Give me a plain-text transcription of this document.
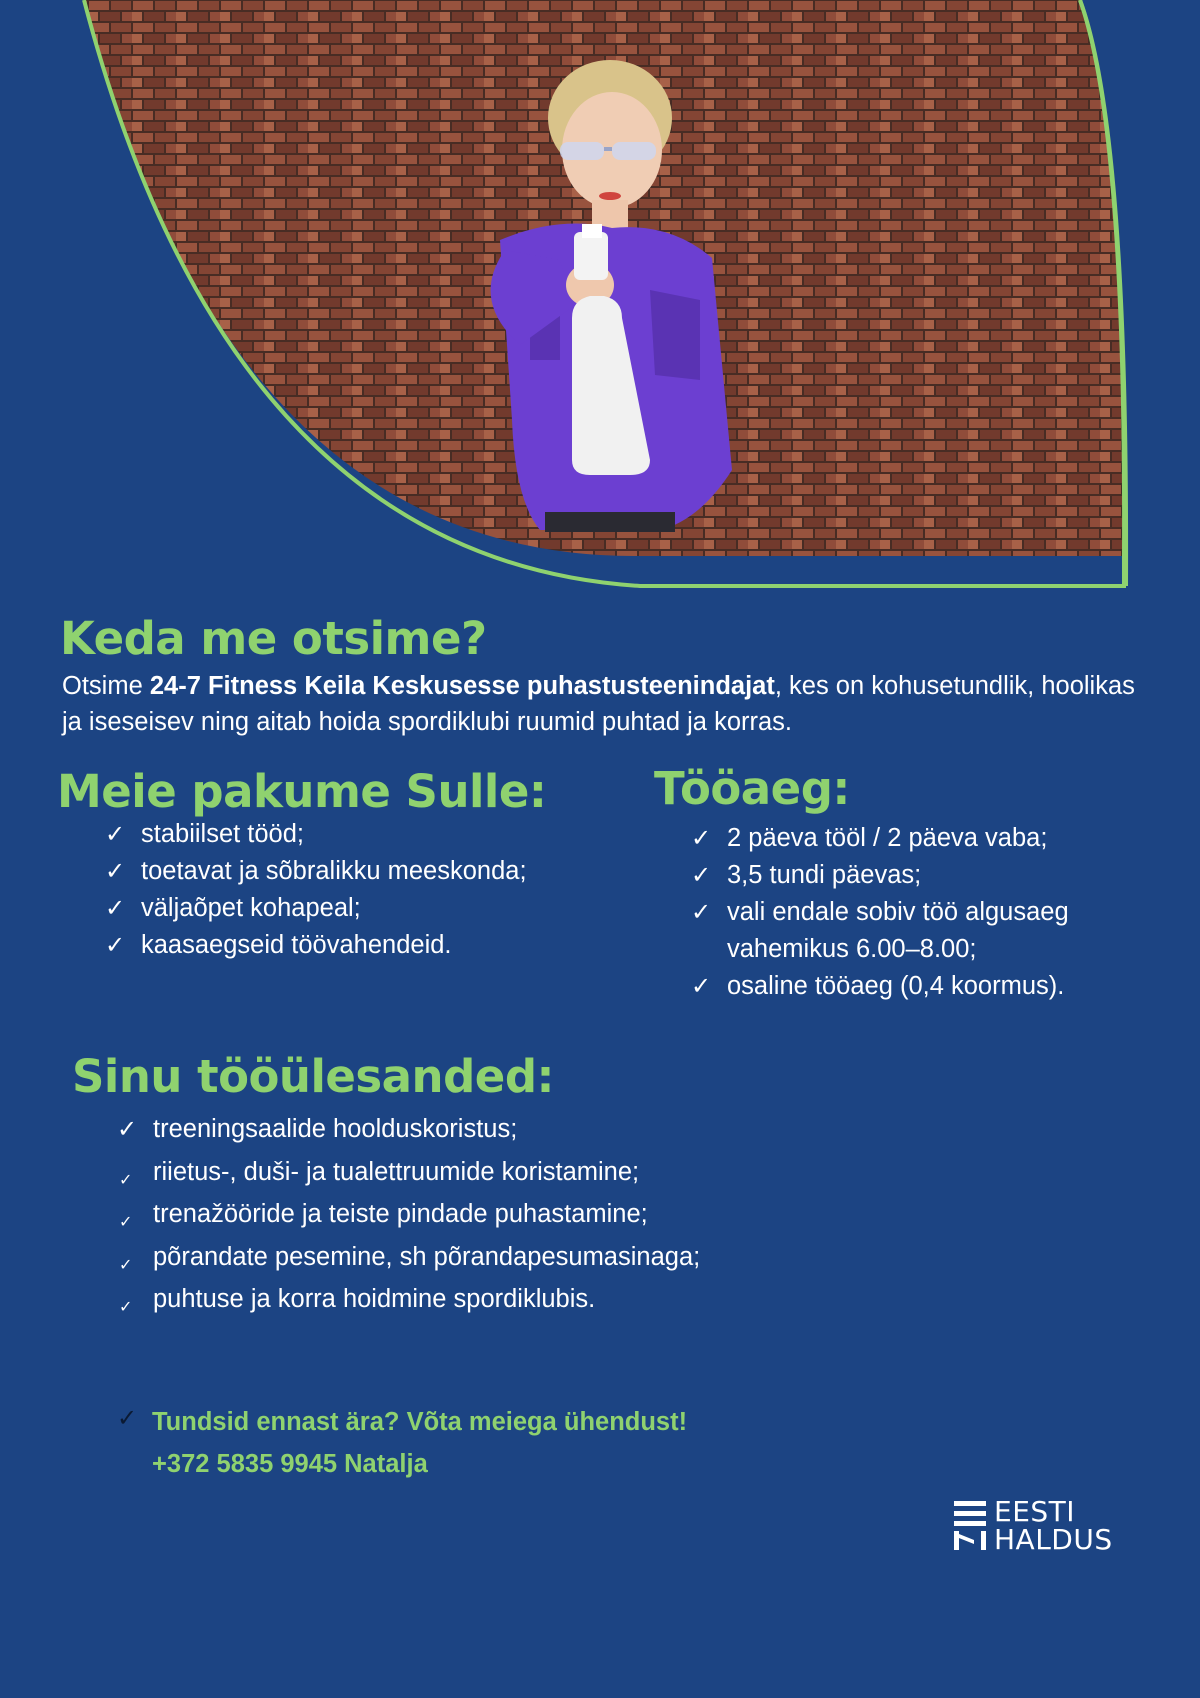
Keda me otsime?
Otsime 24-7 Fitness Keila Keskusesse puhastusteenindajat, kes on kohusetundlik, hoolikas ja iseseisev ning aitab hoida spordiklubi ruumid puhtad ja korras.
Meie pakume Sulle:
✓ stabiilset tööd;
✓ toetavat ja sõbralikku meeskonda;
✓ väljaõpet kohapeal;
✓ kaasaegseid töövahendeid.
Tööaeg:
✓ 2 päeva tööl / 2 päeva vaba;
✓ 3,5 tundi päevas;
✓ vali endale sobiv töö algusaeg vahemikus 6.00–8.00;
✓ osaline tööaeg (0,4 koormus).
Sinu tööülesanded:
✓ treeningsaalide hoolduskoristus;
✓ riietus-, duši- ja tualettruumide koristamine;
✓ trenažööride ja teiste pindade puhastamine;
✓ põrandate pesemine, sh põrandapesumasinaga;
✓ puhtuse ja korra hoidmine spordiklubis.
✓ Tundsid ennast ära? Võta meiega ühendust!
+372 5835 9945 Natalja
EESTI
HALDUS
